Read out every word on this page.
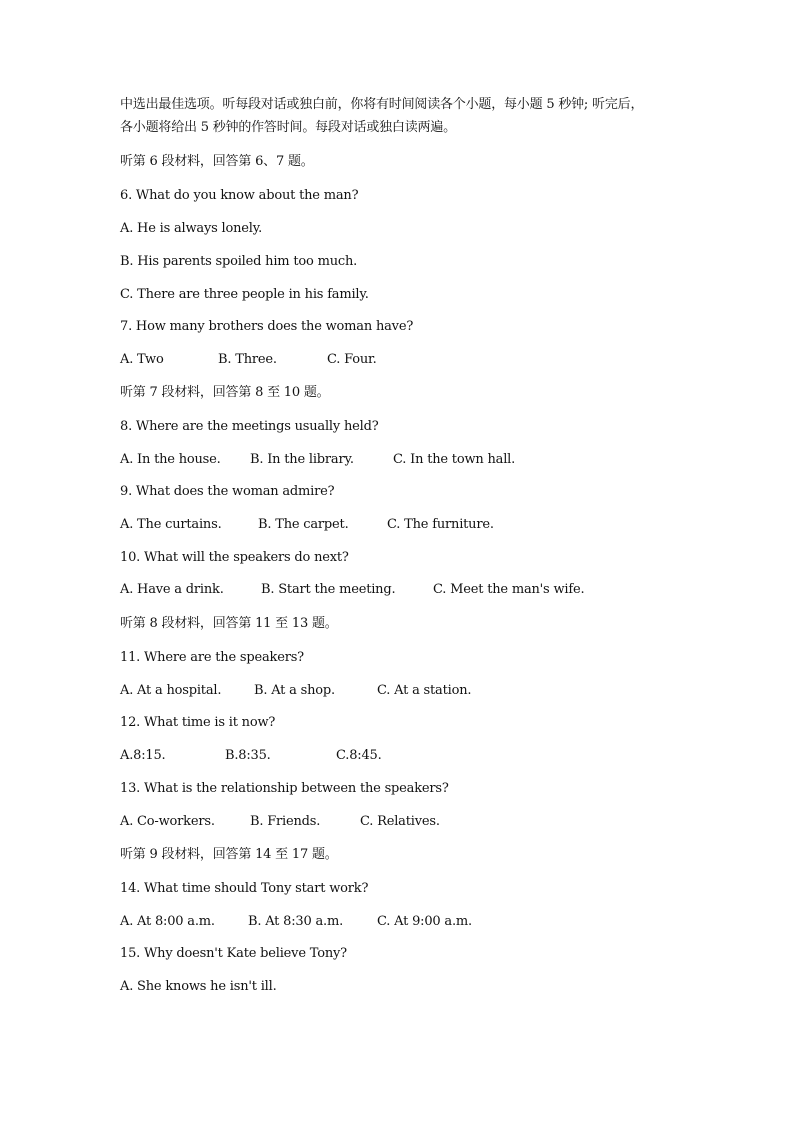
中选出最佳选项。听每段对话或独白前，你将有时间阅读各个小题，每小题 5 秒钟; 听完后，
各小题将给出 5 秒钟的作答时间。每段对话或独白读两遍。
听第 6 段材料，回答第 6、7 题。
6. What do you know about the man?
A. He is always lonely.
B. His parents spoiled him too much.
C. There are three people in his family.
7. How many brothers does the woman have?
A. Two	B. Three.	C. Four.
听第 7 段材料，回答第 8 至 10 题。
8. Where are the meetings usually held?
A. In the house. B. In the library.	C. In the town hall.
9. What does the woman admire?
A. The curtains.	B. The carpet.	C. The furniture.
10. What will the speakers do next?
A. Have a drink.	B. Start the meeting.	C. Meet the man's wife.
听第 8 段材料，回答第 11 至 13 题。
11. Where are the speakers?
A. At a hospital.	B. At a shop.	C. At a station.
12. What time is it now?
A.8:15.	B.8:35.	C.8:45.
13. What is the relationship between the speakers?
A. Co-workers.	B. Friends.	C. Relatives.
听第 9 段材料，回答第 14 至 17 题。
14. What time should Tony start work?
A. At 8:00 a.m.	B. At 8:30 a.m.	C. At 9:00 a.m.
15. Why doesn't Kate believe Tony?
A. She knows he isn't ill.
